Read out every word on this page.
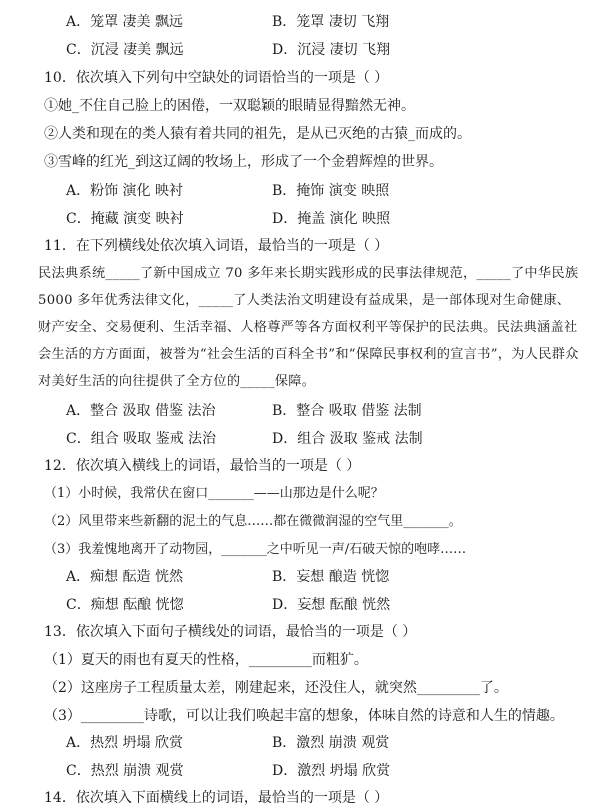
A．笼罩 凄美 飘远	B．笼罩 凄切 飞翔
C．沉浸 凄美 飘远	D．沉浸 凄切 飞翔
10．依次填入下列句中空缺处的词语恰当的一项是（ ）
①她_不住自己脸上的困倦，一双聪颖的眼睛显得黯然无神。
②人类和现在的类人猿有着共同的祖先，是从已灭绝的古猿_而成的。
③雪峰的红光_到这辽阔的牧场上，形成了一个金碧辉煌的世界。
A．粉饰 演化 映衬	B．掩饰 演变 映照
C．掩藏 演变 映衬	D．掩盖 演化 映照
11．在下列横线处依次填入词语，最恰当的一项是（ ）
民法典系统_____了新中国成立 70 多年来长期实践形成的民事法律规范，_____了中华民族 5000 多年优秀法律文化，_____了人类法治文明建设有益成果，是一部体现对生命健康、财产安全、交易便利、生活幸福、人格尊严等各方面权利平等保护的民法典。民法典涵盖社会生活的方方面面，被誉为“社会生活的百科全书”和“保障民事权利的宣言书”，为人民群众对美好生活的向往提供了全方位的_____保障。
A．整合 汲取 借鉴 法治	B．整合 吸取 借鉴 法制
C．组合 吸取 鉴戒 法治	D．组合 汲取 鉴戒 法制
12．依次填入横线上的词语，最恰当的一项是（ ）
（1）小时候，我常伏在窗口_______——山那边是什么呢？
（2）风里带来些新翻的泥土的气息……都在微微润湿的空气里_______。
（3）我羞愧地离开了动物园，_______之中听见一声/石破天惊的咆哮……
A．痴想 酝造 恍然	B．妄想 酿造 恍惚
C．痴想 酝酿 恍惚	D．妄想 酝酿 恍然
13．依次填入下面句子横线处的词语，最恰当的一项是（ ）
（1）夏天的雨也有夏天的性格，_________而粗犷。
（2）这座房子工程质量太差，刚建起来，还没住人，就突然_________了。
（3）_________诗歌，可以让我们唤起丰富的想象，体味自然的诗意和人生的情趣。
A．热烈 坍塌 欣赏	B．激烈 崩溃 观赏
C．热烈 崩溃 观赏	D．激烈 坍塌 欣赏
14．依次填入下面横线上的词语，最恰当的一项是（ ）
